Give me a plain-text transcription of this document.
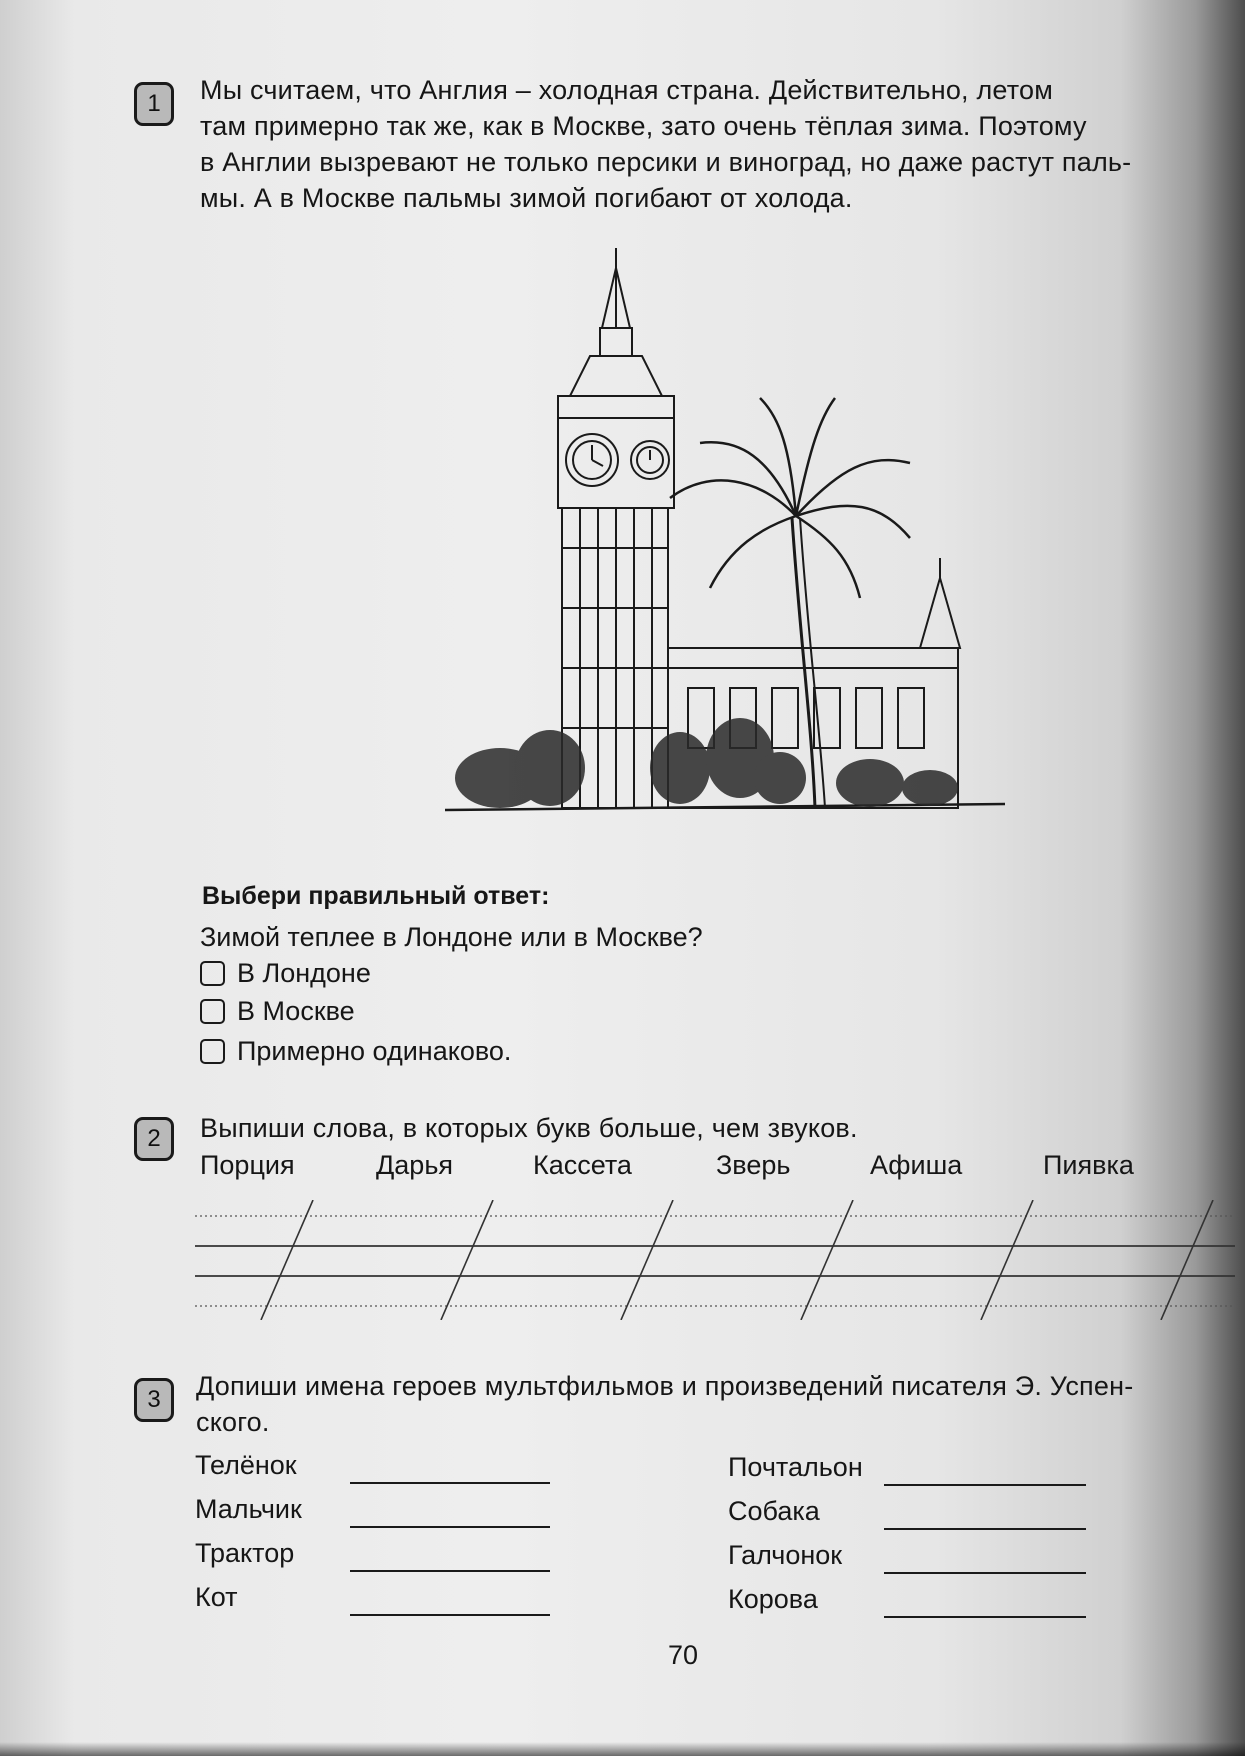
1	Мы считаем, что Англия – холодная страна. Действительно, летом
там примерно так же, как в Москве, зато очень тёплая зима. Поэтому
в Англии вызревают не только персики и виноград, но даже растут паль-
мы. А в Москве пальмы зимой погибают от холода.
Выбери правильный ответ:
Зимой теплее в Лондоне или в Москве?
В Лондоне
В Москве
Примерно одинаково.
2	Выпиши слова, в которых букв больше, чем звуков.
Порция	Дарья	Кассета	Зверь	Афиша	Пиявка
3	Допиши имена героев мультфильмов и произведений писателя Э. Успен-
ского.
Телёнок
Мальчик
Трактор
Кот
Почтальон
Собака
Галчонок
Корова
70
